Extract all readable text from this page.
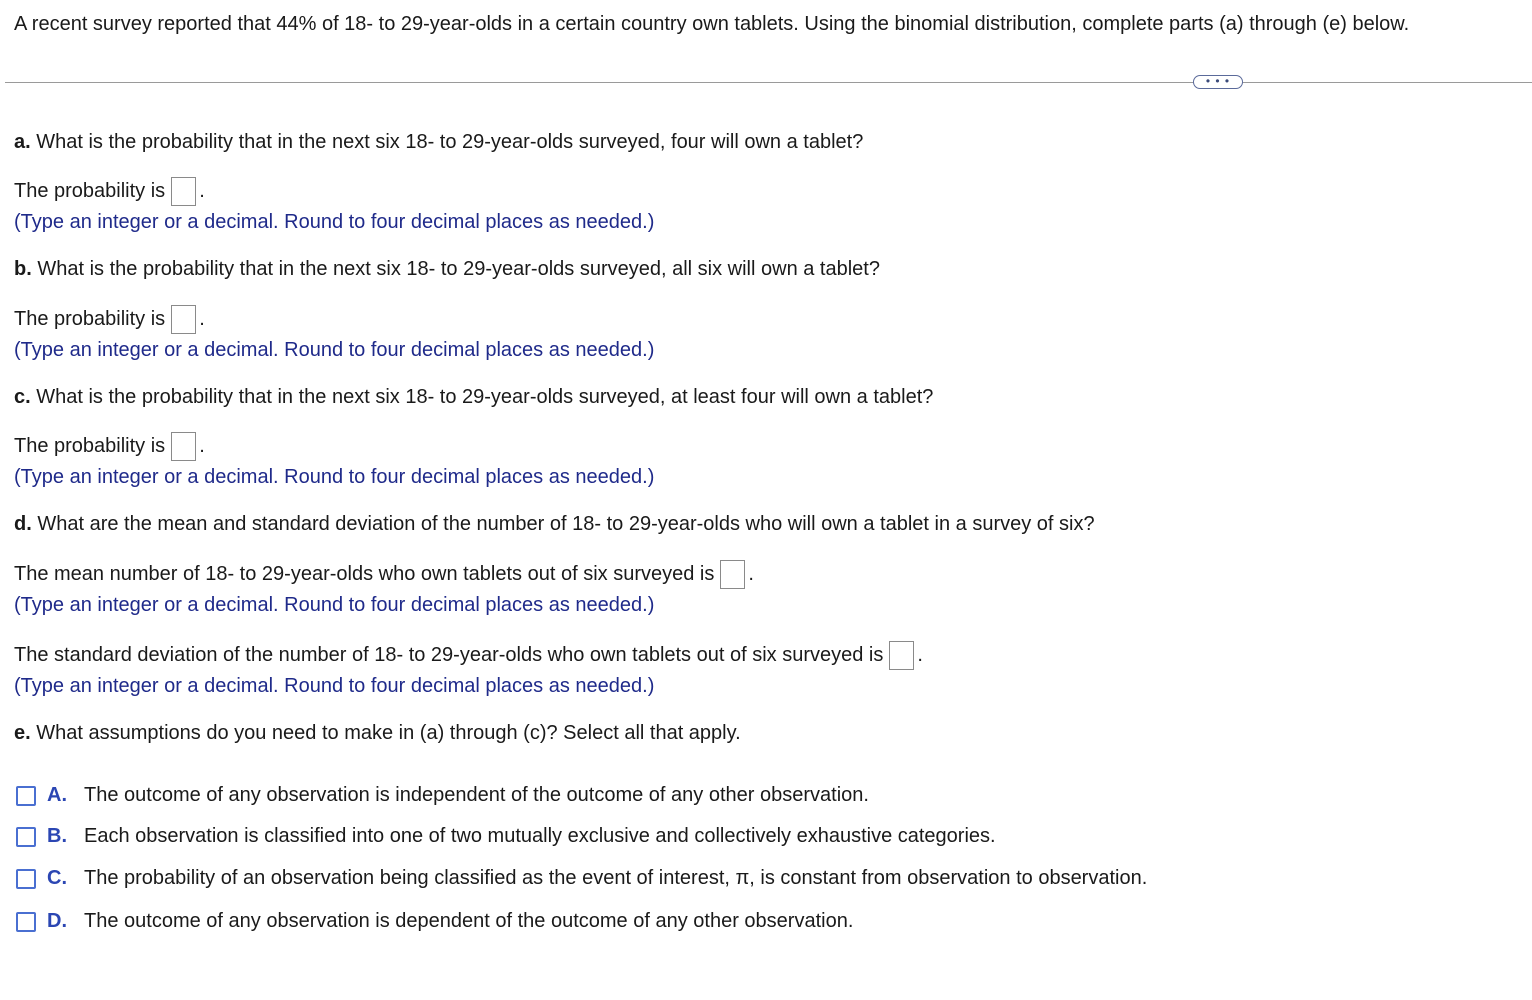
A recent survey reported that 44% of 18- to 29-year-olds in a certain country own tablets. Using the binomial distribution, complete parts (a) through (e) below.
• • •
a. What is the probability that in the next six 18- to 29-year-olds surveyed, four will own a tablet?
The probability is .
(Type an integer or a decimal. Round to four decimal places as needed.)
b. What is the probability that in the next six 18- to 29-year-olds surveyed, all six will own a tablet?
The probability is .
(Type an integer or a decimal. Round to four decimal places as needed.)
c. What is the probability that in the next six 18- to 29-year-olds surveyed, at least four will own a tablet?
The probability is .
(Type an integer or a decimal. Round to four decimal places as needed.)
d. What are the mean and standard deviation of the number of 18- to 29-year-olds who will own a tablet in a survey of six?
The mean number of 18- to 29-year-olds who own tablets out of six surveyed is .
(Type an integer or a decimal. Round to four decimal places as needed.)
The standard deviation of the number of 18- to 29-year-olds who own tablets out of six surveyed is .
(Type an integer or a decimal. Round to four decimal places as needed.)
e. What assumptions do you need to make in (a) through (c)? Select all that apply.
A. The outcome of any observation is independent of the outcome of any other observation.
B. Each observation is classified into one of two mutually exclusive and collectively exhaustive categories.
C. The probability of an observation being classified as the event of interest, π, is constant from observation to observation.
D. The outcome of any observation is dependent of the outcome of any other observation.
